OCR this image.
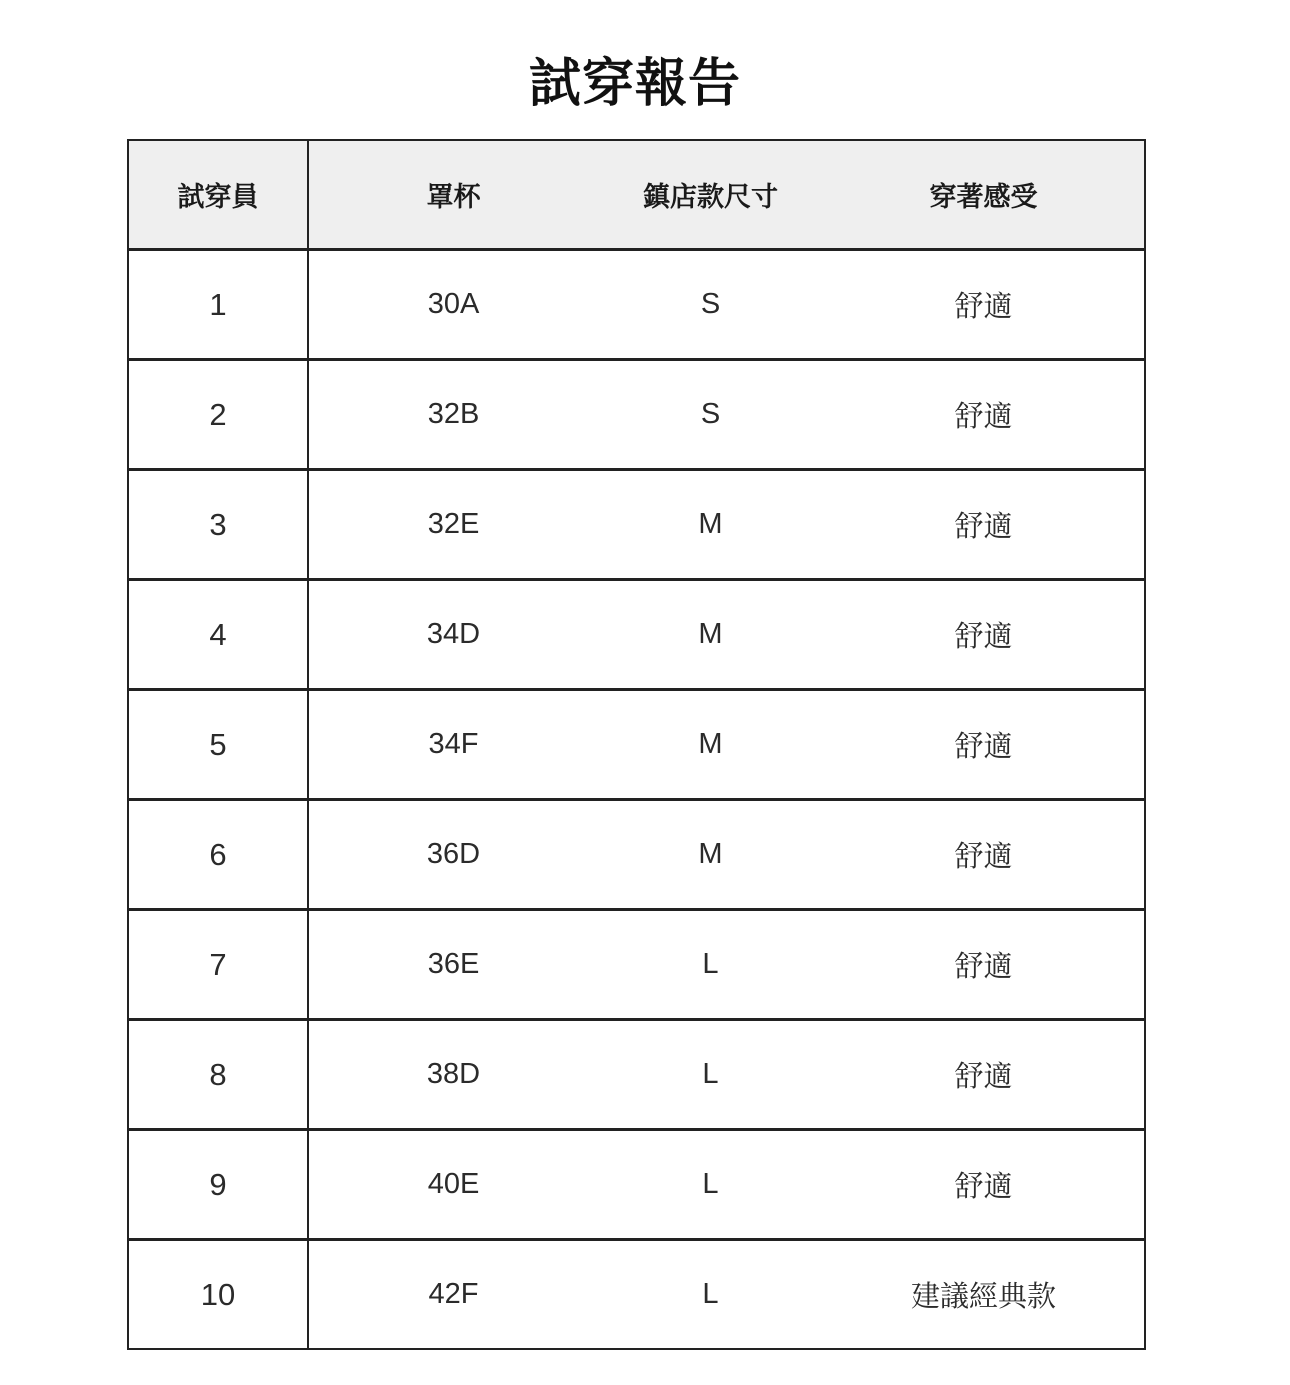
試穿報告
試穿員	罩杯	鎮店款尺寸	穿著感受
1	30A	S	舒適
2	32B	S	舒適
3	32E	M	舒適
4	34D	M	舒適
5	34F	M	舒適
6	36D	M	舒適
7	36E	L	舒適
8	38D	L	舒適
9	40E	L	舒適
10	42F	L	建議經典款
